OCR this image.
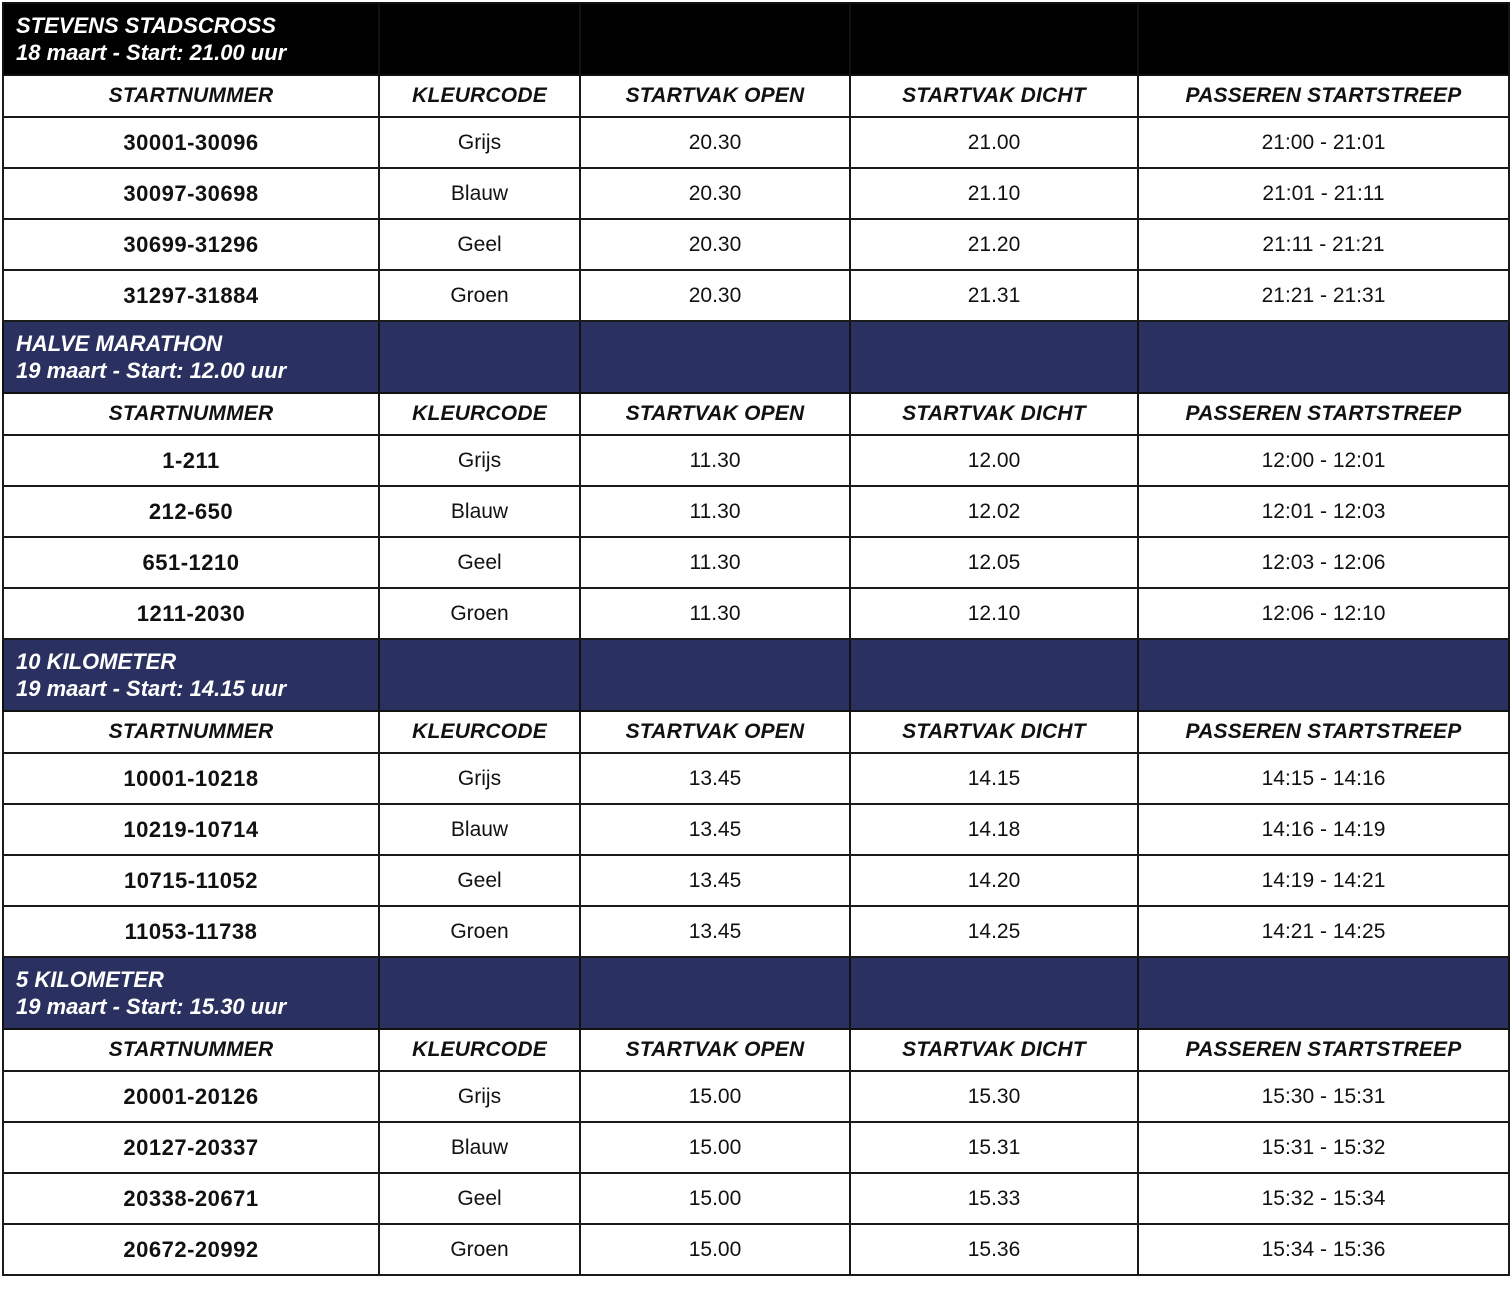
STEVENS STADSCROSS
18 maart - Start: 21.00 uur				

STARTNUMMER	KLEURCODE	STARTVAK OPEN	STARTVAK DICHT	PASSEREN STARTSTREEP
30001-30096	Grijs	20.30	21.00	21:00 - 21:01
30097-30698	Blauw	20.30	21.10	21:01 - 21:11
30699-31296	Geel	20.30	21.20	21:11 - 21:21
31297-31884	Groen	20.30	21.31	21:21 - 21:31

HALVE MARATHON
19 maart - Start: 12.00 uur				

STARTNUMMER	KLEURCODE	STARTVAK OPEN	STARTVAK DICHT	PASSEREN STARTSTREEP
1-211	Grijs	11.30	12.00	12:00 - 12:01
212-650	Blauw	11.30	12.02	12:01 - 12:03
651-1210	Geel	11.30	12.05	12:03 - 12:06
1211-2030	Groen	11.30	12.10	12:06 - 12:10

10 KILOMETER
19 maart - Start: 14.15 uur				

STARTNUMMER	KLEURCODE	STARTVAK OPEN	STARTVAK DICHT	PASSEREN STARTSTREEP
10001-10218	Grijs	13.45	14.15	14:15 - 14:16
10219-10714	Blauw	13.45	14.18	14:16 - 14:19
10715-11052	Geel	13.45	14.20	14:19 - 14:21
11053-11738	Groen	13.45	14.25	14:21 - 14:25

5 KILOMETER
19 maart - Start: 15.30 uur				

STARTNUMMER	KLEURCODE	STARTVAK OPEN	STARTVAK DICHT	PASSEREN STARTSTREEP
20001-20126	Grijs	15.00	15.30	15:30 - 15:31
20127-20337	Blauw	15.00	15.31	15:31 - 15:32
20338-20671	Geel	15.00	15.33	15:32 - 15:34
20672-20992	Groen	15.00	15.36	15:34 - 15:36
